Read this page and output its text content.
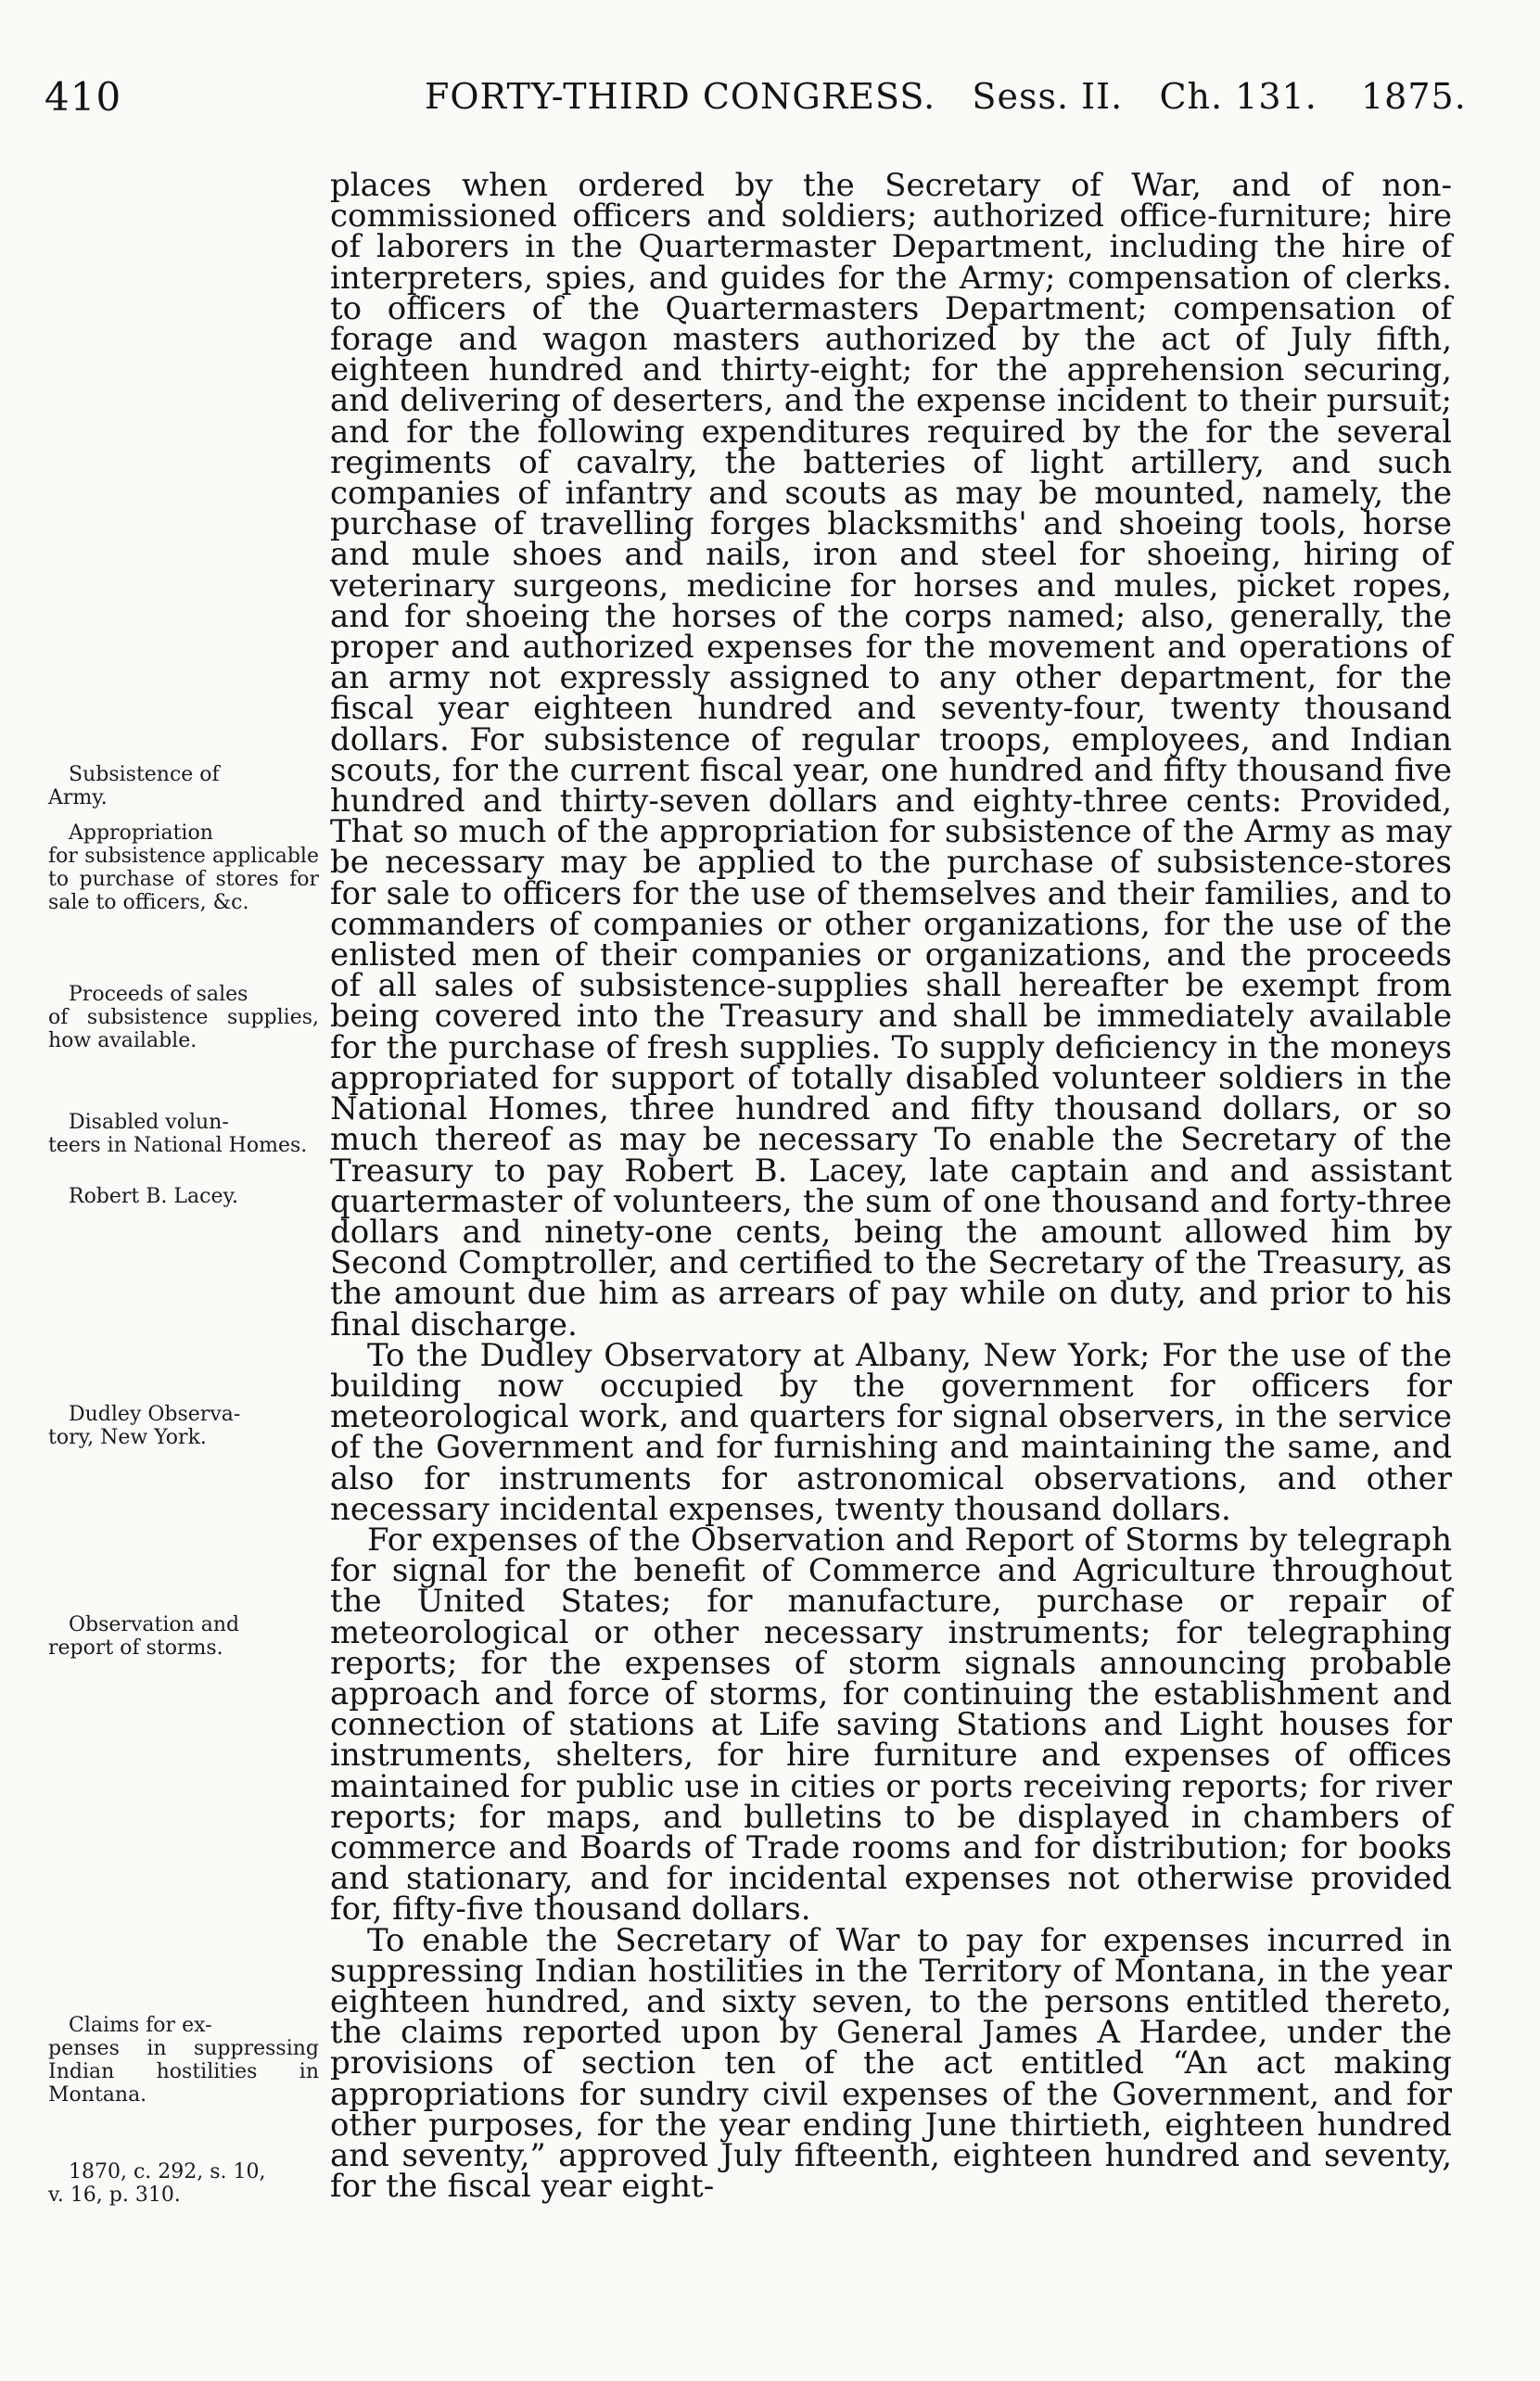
410	FORTY-THIRD CONGRESS. Sess. II. Ch. 131. 1875.

places when ordered by the Secretary of War, and of non-commissioned officers and soldiers; authorized office-furniture; hire of laborers in the Quartermaster Department, including the hire of interpreters, spies, and guides for the Army; compensation of clerks. to officers of the Quartermasters Department; compensation of forage and wagon masters authorized by the act of July fifth, eighteen hundred and thirty-eight; for the apprehension securing, and delivering of deserters, and the expense incident to their pursuit; and for the following expenditures required by the for the several regiments of cavalry, the batteries of light artillery, and such companies of infantry and scouts as may be mounted, namely, the purchase of travelling forges blacksmiths' and shoeing tools, horse and mule shoes and nails, iron and steel for shoeing, hiring of veterinary surgeons, medicine for horses and mules, picket ropes, and for shoeing the horses of the corps named; also, generally, the proper and authorized expenses for the movement and operations of an army not expressly assigned to any other department, for the fiscal year eighteen hundred and seventy-four, twenty thousand dollars. For subsistence of regular troops, employees, and Indian scouts, for the current fiscal year, one hundred and fifty thousand five hundred and thirty-seven dollars and eighty-three cents: Provided, That so much of the appropriation for subsistence of the Army as may be necessary may be applied to the purchase of subsistence-stores for sale to officers for the use of themselves and their families, and to commanders of companies or other organizations, for the use of the enlisted men of their companies or organizations, and the proceeds of all sales of subsistence-supplies shall hereafter be exempt from being covered into the Treasury and shall be immediately available for the purchase of fresh supplies. To supply deficiency in the moneys appropriated for support of totally disabled volunteer soldiers in the National Homes, three hundred and fifty thousand dollars, or so much thereof as may be necessary To enable the Secretary of the Treasury to pay Robert B. Lacey, late captain and and assistant quartermaster of volunteers, the sum of one thousand and forty-three dollars and ninety-one cents, being the amount allowed him by Second Comptroller, and certified to the Secretary of the Treasury, as the amount due him as arrears of pay while on duty, and prior to his final discharge.

To the Dudley Observatory at Albany, New York; For the use of the building now occupied by the government for officers for meteorological work, and quarters for signal observers, in the service of the Government and for furnishing and maintaining the same, and also for instruments for astronomical observations, and other necessary incidental expenses, twenty thousand dollars.

For expenses of the Observation and Report of Storms by telegraph for signal for the benefit of Commerce and Agriculture throughout the United States; for manufacture, purchase or repair of meteorological or other necessary instruments; for telegraphing reports; for the expenses of storm signals announcing probable approach and force of storms, for continuing the establishment and connection of stations at Life saving Stations and Light houses for instruments, shelters, for hire furniture and expenses of offices maintained for public use in cities or ports receiving reports; for river reports; for maps, and bulletins to be displayed in chambers of commerce and Boards of Trade rooms and for distribution; for books and stationary, and for incidental expenses not otherwise provided for, fifty-five thousand dollars.

To enable the Secretary of War to pay for expenses incurred in suppressing Indian hostilities in the Territory of Montana, in the year eighteen hundred, and sixty seven, to the persons entitled thereto, the claims reported upon by General James A Hardee, under the provisions of section ten of the act entitled “An act making appropriations for sundry civil expenses of the Government, and for other purposes, for the year ending June thirtieth, eighteen hundred and seventy,” approved July fifteenth, eighteen hundred and seventy, for the fiscal year eight-

Subsistence of
Army.
Appropriation
for subsistence applicable to purchase of stores for sale to officers, &c.
Proceeds of sales
of subsistence supplies, how available.
Disabled volun-
teers in National Homes.
Robert B. Lacey.
Dudley Observa-
tory, New York.
Observation and
report of storms.
Claims for ex-
penses in suppressing Indian hostilities in Montana.
1870, c. 292, s. 10,
v. 16, p. 310.
